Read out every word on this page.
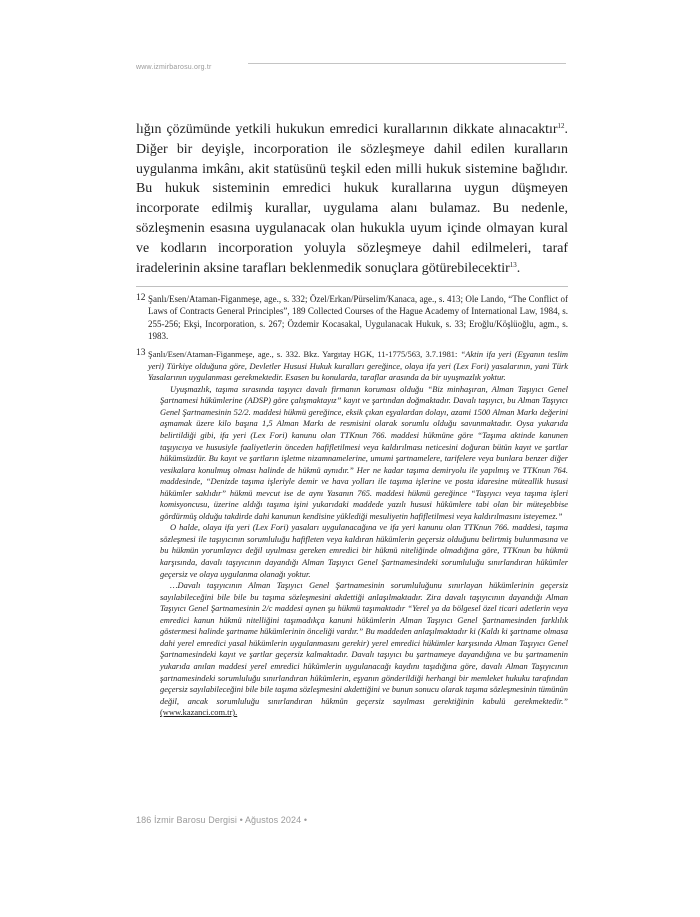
www.izmirbarosu.org.tr

lığın çözümünde yetkili hukukun emredici kurallarının dikkate alınacaktır$^{12}$. Diğer bir deyişle, incorporation ile sözleşmeye dahil edilen kuralların uygulanma imkânı, akit statüsünü teşkil eden milli hukuk sistemine bağlıdır. Bu hukuk sisteminin emredici hukuk kurallarına uygun düşmeyen incorporate edilmiş kurallar, uygulama alanı bulamaz. Bu nedenle, sözleşmenin esasına uygulanacak olan hukukla uyum içinde olmayan kural ve kodların incorporation yoluyla sözleşmeye dahil edilmeleri, taraf iradelerinin aksine tarafları beklenmedik sonuçlara götürebilecektir$^{13}$.

12 Şanlı/Esen/Ataman-Figanmeşe, age., s. 332; Özel/Erkan/Pürselim/Kanaca, age., s. 413; Ole Lando, “The Conflict of Laws of Contracts General Principles”, 189 Collected Courses of the Hague Academy of International Law, 1984, s. 255-256; Ekşi, Incorporation, s. 267; Özdemir Kocasakal, Uygulanacak Hukuk, s. 33; Eroğlu/Köşlüoğlu, agm., s. 1983.

13 Şanlı/Esen/Ataman-Figanmeşe, age., s. 332. Bkz. Yargıtay HGK, 11-1775/563, 3.7.1981: “Aktin ifa yeri (Eşyanın teslim yeri) Türkiye olduğuna göre, Devletler Hususi Hukuk kuralları gereğince, olaya ifa yeri (Lex Fori) yasalarının, yani Türk Yasalarının uygulanması gerekmektedir. Esasen bu konularda, taraflar arasında da bir uyuşmazlık yoktur.

Uyuşmazlık, taşıma sırasında taşıyıcı davalı firmanın koruması olduğu “Biz minhaşıran, Alman Taşıyıcı Genel Şartnamesi hükümlerine (ADSP) göre çalışmaktayız” kayıt ve şartından doğmaktadır. Davalı taşıyıcı, bu Alman Taşıyıcı Genel Şartnamesinin 52/2. maddesi hükmü gereğince, eksik çıkan eşyalardan dolayı, azami 1500 Alman Markı değerini aşmamak üzere kilo başına 1,5 Alman Markı de resmisini olarak sorumlu olduğu savunmaktadır. Oysa yukarıda belirtildiği gibi, ifa yeri (Lex Fori) kanunu olan TTKnun 766. maddesi hükmüne göre “Taşıma aktinde kanunen taşıyıcıya ve hususiyle faaliyetlerin önceden hafifletilmesi veya kaldırılması neticesini doğuran bütün kayıt ve şartlar hükümsüzdür. Bu kayıt ve şartların işletme nizamnamelerine, umumi şartnamelere, tarifelere veya bunlara benzer diğer vesikalara konulmuş olması halinde de hükmü aynıdır.” Her ne kadar taşıma demiryolu ile yapılmış ve TTKnun 764. maddesinde, “Denizde taşıma işleriyle demir ve hava yolları ile taşıma işlerine ve posta idaresine müteallik hususi hükümler saklıdır” hükmü mevcut ise de aynı Yasanın 765. maddesi hükmü gereğince “Taşıyıcı veya taşıma işleri komisyoncusu, üzerine aldığı taşıma işini yukarıdaki maddede yazılı hususi hükümlere tabi olan bir müteşebbise gördürmüş olduğu takdirde dahi kanunun kendisine yüklediği mesuliyetin hafifletilmesi veya kaldırılmasını isteyemez.”

O halde, olaya ifa yeri (Lex Fori) yasaları uygulanacağına ve ifa yeri kanunu olan TTKnun 766. maddesi, taşıma sözleşmesi ile taşıyıcının sorumluluğu hafifleten veya kaldıran hükümlerin geçersiz olduğunu belirtmiş bulunmasına ve bu hükmün yorumlayıcı değil uyulması gereken emredici bir hükmü niteliğinde olmadığına göre, TTKnun bu hükmü karşısında, davalı taşıyıcının dayandığı Alman Taşıyıcı Genel Şartnamesindeki sorumluluğu sınırlandıran hükümler geçersiz ve olaya uygulanma olanağı yoktur.

…Davalı taşıyıcının Alman Taşıyıcı Genel Şartnamesinin sorumluluğunu sınırlayan hükümlerinin geçersiz sayılabileceğini bile bile bu taşıma sözleşmesini akdettiği anlaşılmaktadır. Zira davalı taşıyıcının dayandığı Alman Taşıyıcı Genel Şartnamesinin 2/c maddesi aynen şu hükmü taşımaktadır “Yerel ya da bölgesel özel ticari adetlerin veya emredici kanun hükmü nitelliğini taşımadıkça kanuni hükümlerin Alman Taşıyıcı Genel Şartnamesinden farklılık göstermesi halinde şartname hükümlerinin önceliği vardır.” Bu maddeden anlaşılmaktadır ki (Kaldı ki şartname olmasa dahi yerel emredici yasal hükümlerin uygulanmasını gerekir) yerel emredici hükümler karşısında Alman Taşıyıcı Genel Şartnamesindeki kayıt ve şartlar geçersiz kalmaktadır. Davalı taşıyıcı bu şartnameye dayandığına ve bu şartnamenin yukarıda anılan maddesi yerel emredici hükümlerin uygulanacağı kaydını taşıdığına göre, davalı Alman Taşıyıcının şartnamesindeki sorumluluğu sınırlandıran hükümlerin, eşyanın gönderildiği herhangi bir memleket hukuku tarafından geçersiz sayılabileceğini bile bile taşıma sözleşmesini akdettiğini ve bunun sonucu olarak taşıma sözleşmesinin tümünün değil, ancak sorumluluğu sınırlandıran hükmün geçersiz sayılması gerektiğinin kabulü gerekmektedir.” (www.kazanci.com.tr).

186 İzmir Barosu Dergisi • Ağustos 2024 •
